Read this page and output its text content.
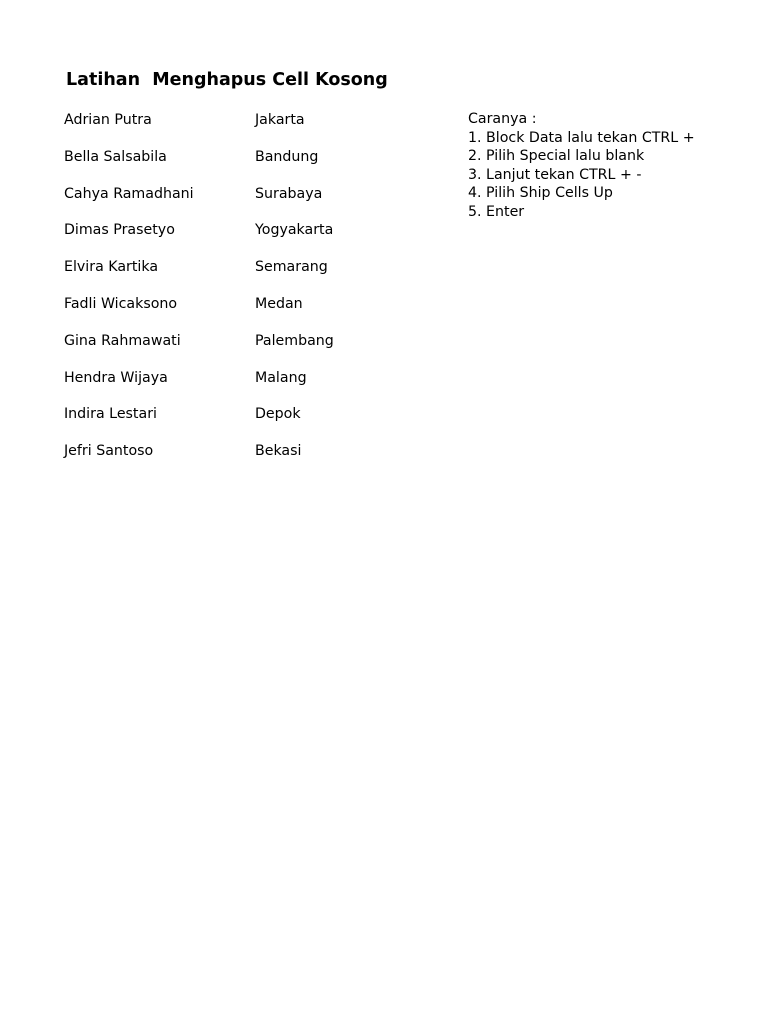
Latihan  Menghapus Cell Kosong
Adrian Putra	Jakarta
Bella Salsabila	Bandung
Cahya Ramadhani	Surabaya
Dimas Prasetyo	Yogyakarta
Elvira Kartika	Semarang
Fadli Wicaksono	Medan
Gina Rahmawati	Palembang
Hendra Wijaya	Malang
Indira Lestari	Depok
Jefri Santoso	Bekasi
Caranya :
1. Block Data lalu tekan CTRL +
2. Pilih Special lalu blank
3. Lanjut tekan CTRL + -
4. Pilih Ship Cells Up
5. Enter
